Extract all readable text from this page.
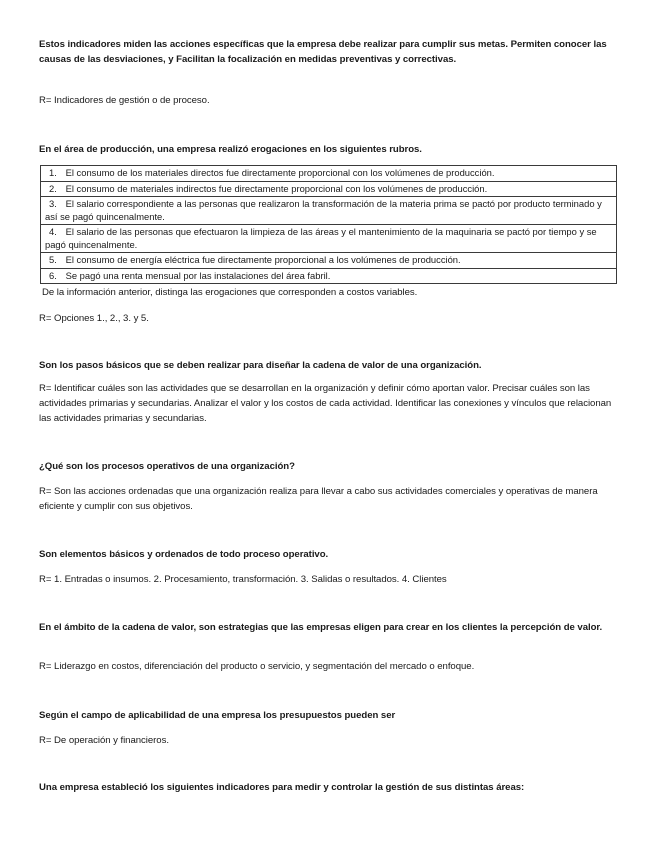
Estos indicadores miden las acciones específicas que la empresa debe realizar para cumplir sus metas. Permiten conocer las causas de las desviaciones, y Facilitan la focalización en medidas preventivas y correctivas.
R= Indicadores de gestión o de proceso.
En el área de producción, una empresa realizó erogaciones en los siguientes rubros.
1. El consumo de los materiales directos fue directamente proporcional con los volúmenes de producción.
2. El consumo de materiales indirectos fue directamente proporcional con los volúmenes de producción.
3. El salario correspondiente a las personas que realizaron la transformación de la materia prima se pactó por producto terminado y así se pagó quincenalmente.
4. El salario de las personas que efectuaron la limpieza de las áreas y el mantenimiento de la maquinaria se pactó por tiempo y se pagó quincenalmente.
5. El consumo de energía eléctrica fue directamente proporcional a los volúmenes de producción.
6. Se pagó una renta mensual por las instalaciones del área fabril.
De la información anterior, distinga las erogaciones que corresponden a costos variables.
R= Opciones 1., 2., 3. y 5.
Son los pasos básicos que se deben realizar para diseñar la cadena de valor de una organización.
R= Identificar cuáles son las actividades que se desarrollan en la organización y definir cómo aportan valor. Precisar cuáles son las actividades primarias y secundarias. Analizar el valor y los costos de cada actividad. Identificar las conexiones y vínculos que relacionan las actividades primarias y secundarias.
¿Qué son los procesos operativos de una organización?
R= Son las acciones ordenadas que una organización realiza para llevar a cabo sus actividades comerciales y operativas de manera eficiente y cumplir con sus objetivos.
Son elementos básicos y ordenados de todo proceso operativo.
R= 1. Entradas o insumos. 2. Procesamiento, transformación. 3. Salidas o resultados. 4. Clientes
En el ámbito de la cadena de valor, son estrategias que las empresas eligen para crear en los clientes la percepción de valor.
R= Liderazgo en costos, diferenciación del producto o servicio, y segmentación del mercado o enfoque.
Según el campo de aplicabilidad de una empresa los presupuestos pueden ser
R= De operación y financieros.
Una empresa estableció los siguientes indicadores para medir y controlar la gestión de sus distintas áreas:
